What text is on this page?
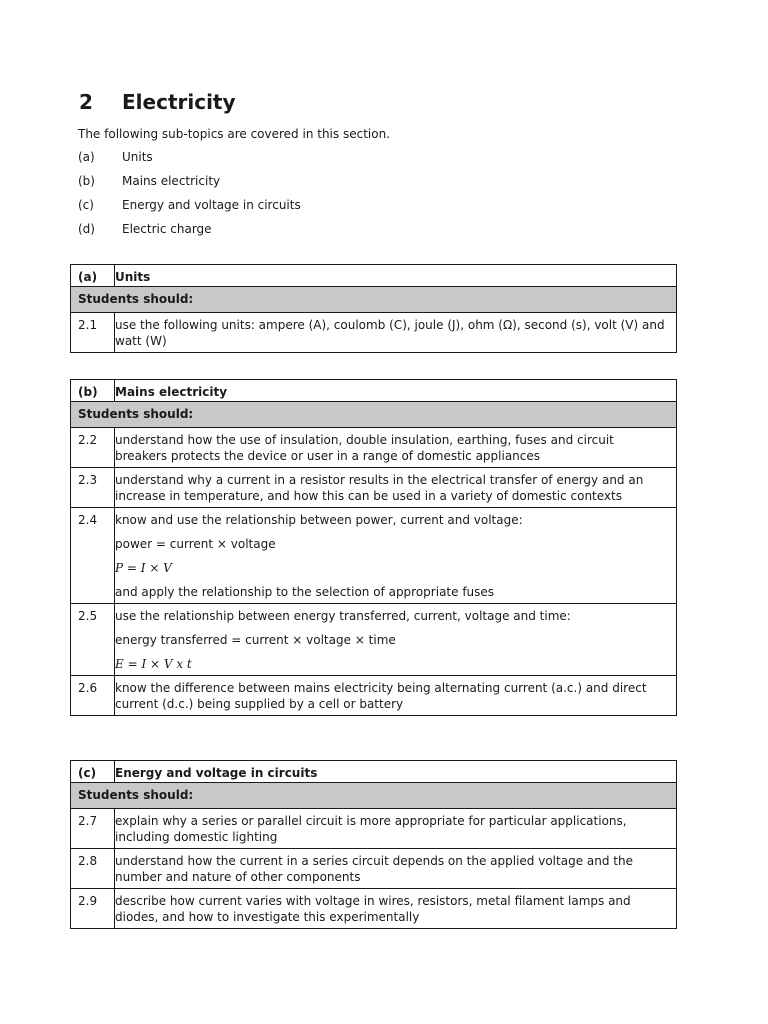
2	Electricity
The following sub-topics are covered in this section.
(a)	Units
(b)	Mains electricity
(c)	Energy and voltage in circuits
(d)	Electric charge
(a)	Units
Students should:	
2.1	use the following units: ampere (A), coulomb (C), joule (J), ohm (Ω), second (s), volt (V) and watt (W)
(b)	Mains electricity
Students should:	
2.2	understand how the use of insulation, double insulation, earthing, fuses and circuit breakers protects the device or user in a range of domestic appliances
2.3	understand why a current in a resistor results in the electrical transfer of energy and an increase in temperature, and how this can be used in a variety of domestic contexts
2.4	know and use the relationship between power, current and voltage:
power = current × voltage
P = I × V
and apply the relationship to the selection of appropriate fuses

2.5	use the relationship between energy transferred, current, voltage and time:
energy transferred = current × voltage × time
E = I × V x t

2.6	know the difference between mains electricity being alternating current (a.c.) and direct current (d.c.) being supplied by a cell or battery
(c)	Energy and voltage in circuits
Students should:	
2.7	explain why a series or parallel circuit is more appropriate for particular applications, including domestic lighting
2.8	understand how the current in a series circuit depends on the applied voltage and the number and nature of other components
2.9	describe how current varies with voltage in wires, resistors, metal filament lamps and diodes, and how to investigate this experimentally
